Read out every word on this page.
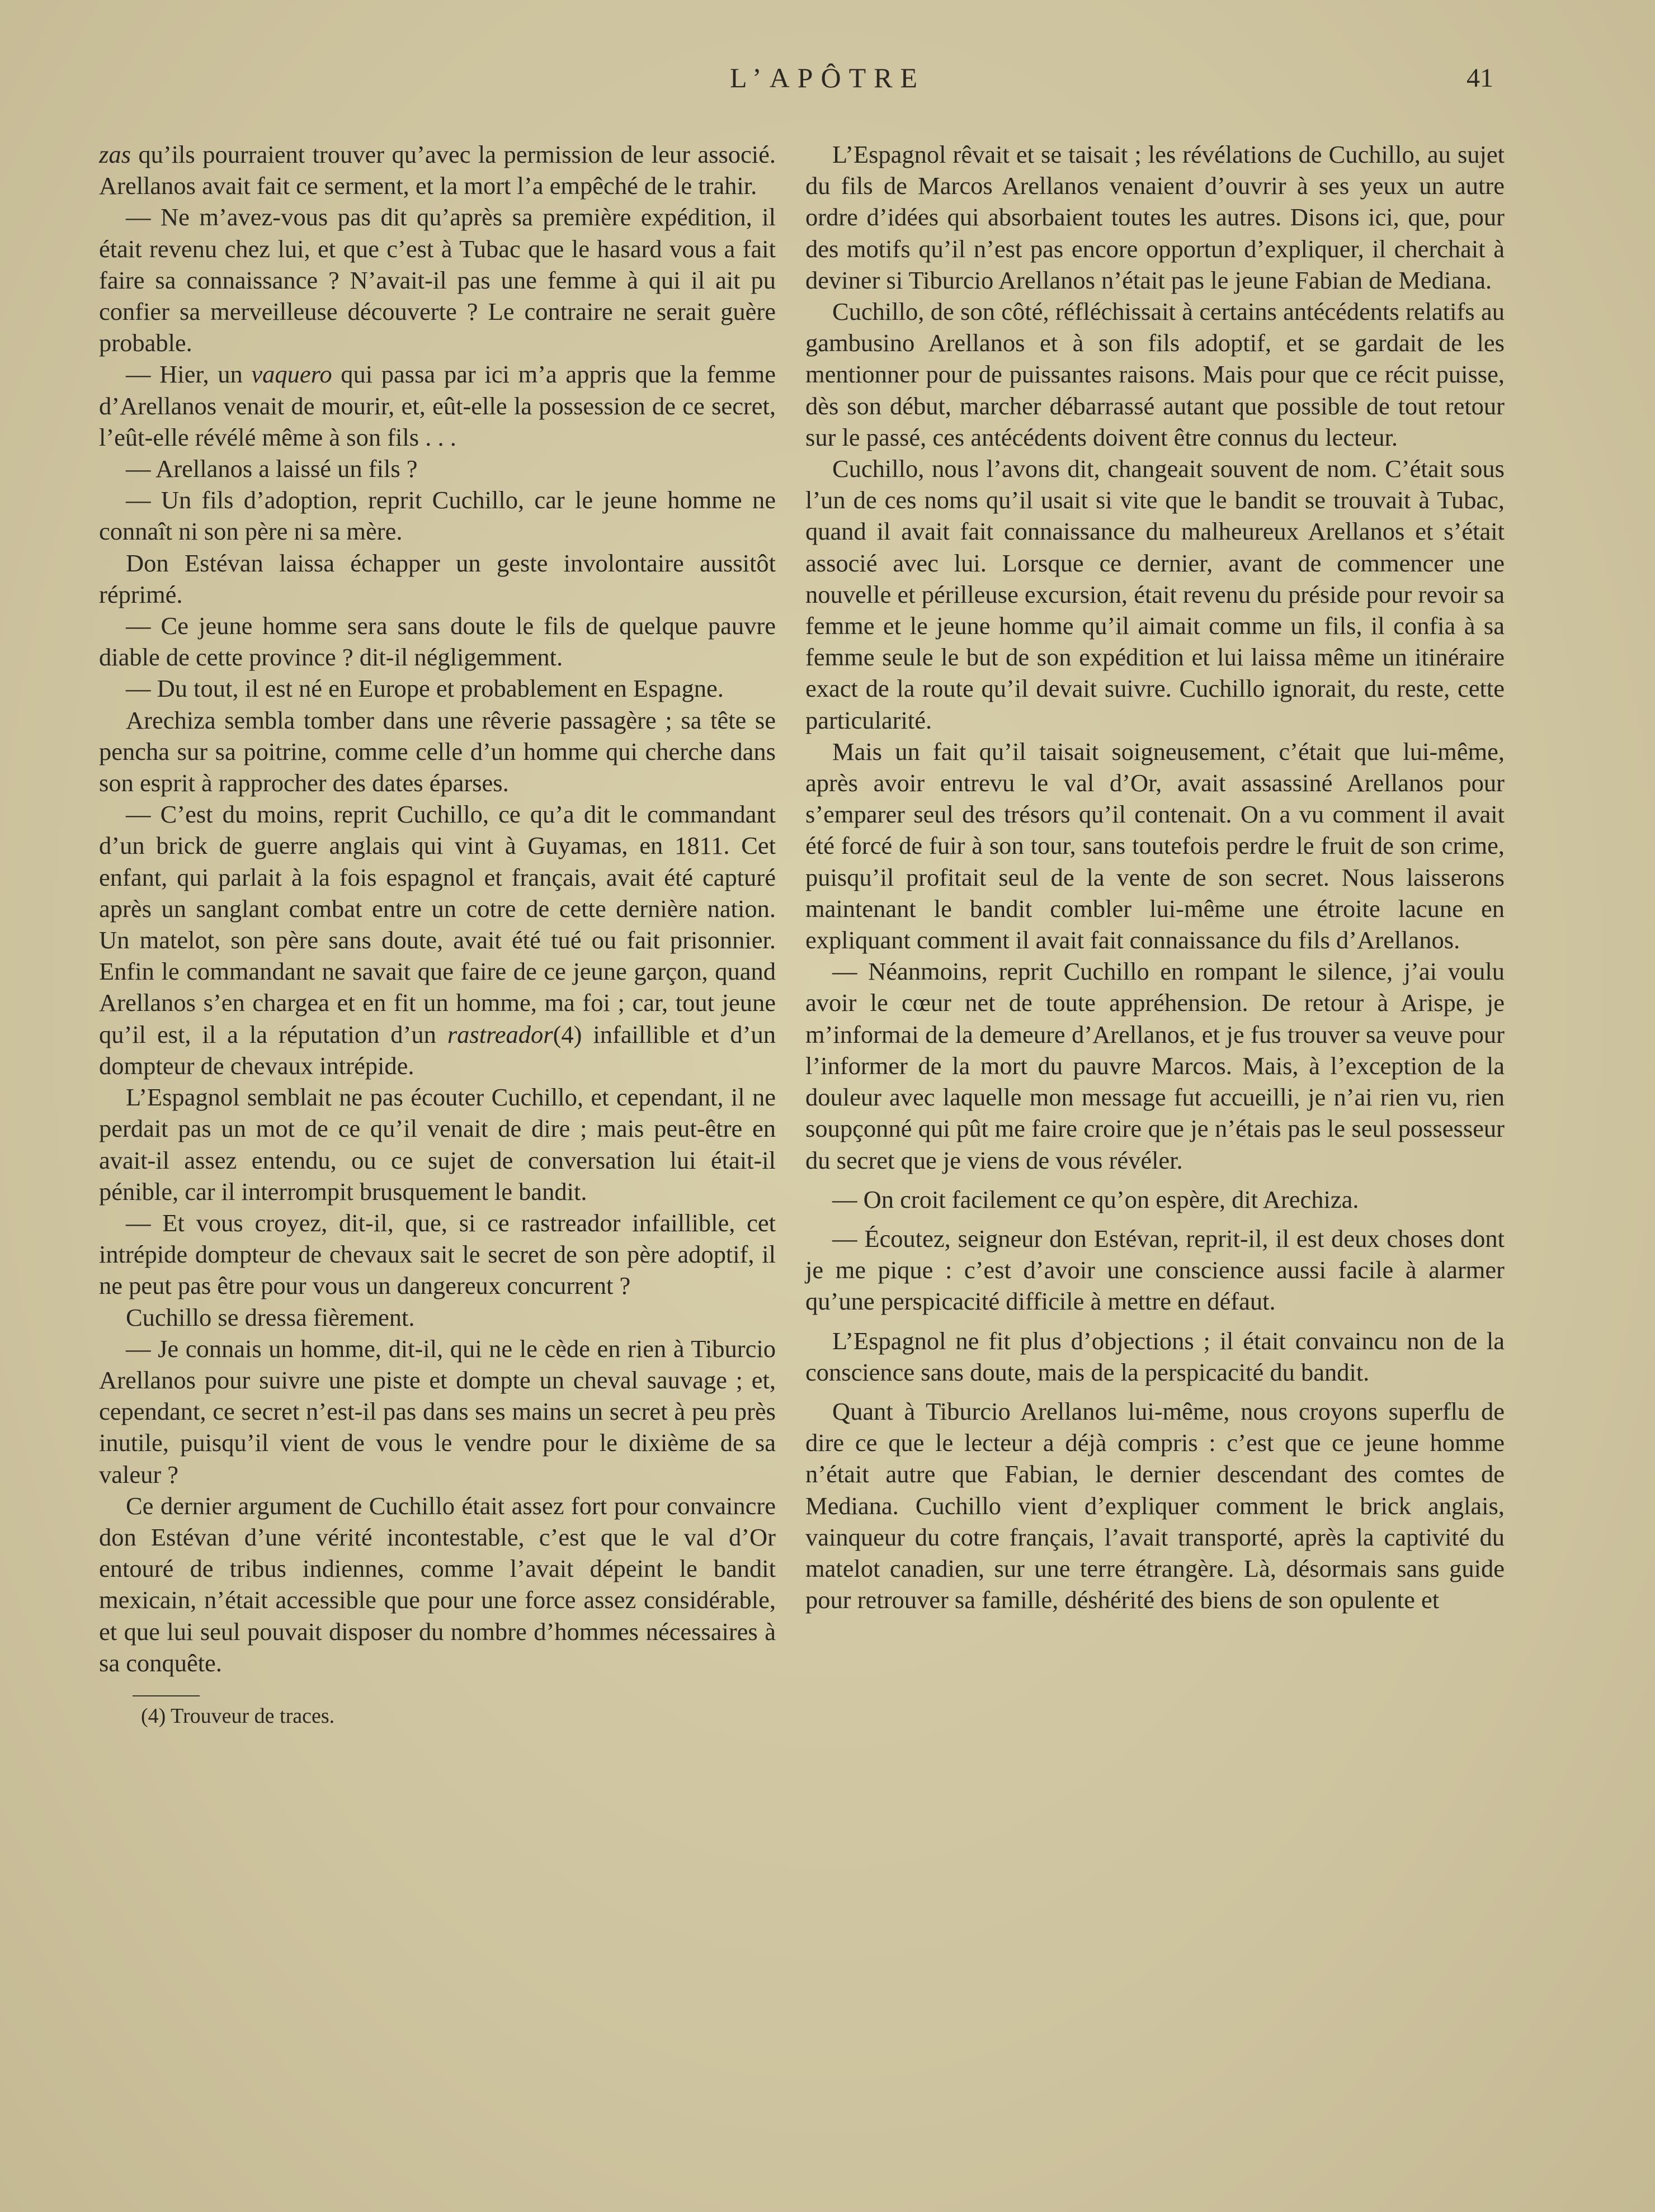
L’APÔTRE	41

zas qu’ils pourraient trouver qu’avec la permission de leur associé. Arellanos avait fait ce serment, et la mort l’a empêché de le trahir.

— Ne m’avez-vous pas dit qu’après sa première expédition, il était revenu chez lui, et que c’est à Tubac que le hasard vous a fait faire sa connaissance ? N’avait-il pas une femme à qui il ait pu confier sa merveilleuse découverte ? Le contraire ne serait guère probable.

— Hier, un vaquero qui passa par ici m’a appris que la femme d’Arellanos venait de mourir, et, eût-elle la possession de ce secret, l’eût-elle révélé même à son fils . . .

— Arellanos a laissé un fils ?

— Un fils d’adoption, reprit Cuchillo, car le jeune homme ne connaît ni son père ni sa mère.

Don Estévan laissa échapper un geste involontaire aussitôt réprimé.

— Ce jeune homme sera sans doute le fils de quelque pauvre diable de cette province ? dit-il négligemment.

— Du tout, il est né en Europe et probablement en Espagne.

Arechiza sembla tomber dans une rêverie passagère ; sa tête se pencha sur sa poitrine, comme celle d’un homme qui cherche dans son esprit à rapprocher des dates éparses.

— C’est du moins, reprit Cuchillo, ce qu’a dit le commandant d’un brick de guerre anglais qui vint à Guyamas, en 1811. Cet enfant, qui parlait à la fois espagnol et français, avait été capturé après un sanglant combat entre un cotre de cette dernière nation. Un matelot, son père sans doute, avait été tué ou fait prisonnier. Enfin le commandant ne savait que faire de ce jeune garçon, quand Arellanos s’en chargea et en fit un homme, ma foi ; car, tout jeune qu’il est, il a la réputation d’un rastreador(4) infaillible et d’un dompteur de chevaux intrépide.

L’Espagnol semblait ne pas écouter Cuchillo, et cependant, il ne perdait pas un mot de ce qu’il venait de dire ; mais peut-être en avait-il assez entendu, ou ce sujet de conversation lui était-il pénible, car il interrompit brusquement le bandit.

— Et vous croyez, dit-il, que, si ce rastreador infaillible, cet intrépide dompteur de chevaux sait le secret de son père adoptif, il ne peut pas être pour vous un dangereux concurrent ?

Cuchillo se dressa fièrement.

— Je connais un homme, dit-il, qui ne le cède en rien à Tiburcio Arellanos pour suivre une piste et dompte un cheval sauvage ; et, cependant, ce secret n’est-il pas dans ses mains un secret à peu près inutile, puisqu’il vient de vous le vendre pour le dixième de sa valeur ?

Ce dernier argument de Cuchillo était assez fort pour convaincre don Estévan d’une vérité incontestable, c’est que le val d’Or entouré de tribus indiennes, comme l’avait dépeint le bandit mexicain, n’était accessible que pour une force assez considérable, et que lui seul pouvait disposer du nombre d’hommes nécessaires à sa conquête.

(4) Trouveur de traces.

L’Espagnol rêvait et se taisait ; les révélations de Cuchillo, au sujet du fils de Marcos Arellanos venaient d’ouvrir à ses yeux un autre ordre d’idées qui absorbaient toutes les autres. Disons ici, que, pour des motifs qu’il n’est pas encore opportun d’expliquer, il cherchait à deviner si Tiburcio Arellanos n’était pas le jeune Fabian de Mediana.

Cuchillo, de son côté, réfléchissait à certains antécédents relatifs au gambusino Arellanos et à son fils adoptif, et se gardait de les mentionner pour de puissantes raisons. Mais pour que ce récit puisse, dès son début, marcher débarrassé autant que possible de tout retour sur le passé, ces antécédents doivent être connus du lecteur.

Cuchillo, nous l’avons dit, changeait souvent de nom. C’était sous l’un de ces noms qu’il usait si vite que le bandit se trouvait à Tubac, quand il avait fait connaissance du malheureux Arellanos et s’était associé avec lui. Lorsque ce dernier, avant de commencer une nouvelle et périlleuse excursion, était revenu du préside pour revoir sa femme et le jeune homme qu’il aimait comme un fils, il confia à sa femme seule le but de son expédition et lui laissa même un itinéraire exact de la route qu’il devait suivre. Cuchillo ignorait, du reste, cette particularité.

Mais un fait qu’il taisait soigneusement, c’était que lui-même, après avoir entrevu le val d’Or, avait assassiné Arellanos pour s’emparer seul des trésors qu’il contenait. On a vu comment il avait été forcé de fuir à son tour, sans toutefois perdre le fruit de son crime, puisqu’il profitait seul de la vente de son secret. Nous laisserons maintenant le bandit combler lui-même une étroite lacune en expliquant comment il avait fait connaissance du fils d’Arellanos.

— Néanmoins, reprit Cuchillo en rompant le silence, j’ai voulu avoir le cœur net de toute appréhension. De retour à Arispe, je m’informai de la demeure d’Arellanos, et je fus trouver sa veuve pour l’informer de la mort du pauvre Marcos. Mais, à l’exception de la douleur avec laquelle mon message fut accueilli, je n’ai rien vu, rien soupçonné qui pût me faire croire que je n’étais pas le seul possesseur du secret que je viens de vous révéler.

— On croit facilement ce qu’on espère, dit Arechiza.

— Écoutez, seigneur don Estévan, reprit-il, il est deux choses dont je me pique : c’est d’avoir une conscience aussi facile à alarmer qu’une perspicacité difficile à mettre en défaut.

L’Espagnol ne fit plus d’objections ; il était convaincu non de la conscience sans doute, mais de la perspicacité du bandit.

Quant à Tiburcio Arellanos lui-même, nous croyons superflu de dire ce que le lecteur a déjà compris : c’est que ce jeune homme n’était autre que Fabian, le dernier descendant des comtes de Mediana. Cuchillo vient d’expliquer comment le brick anglais, vainqueur du cotre français, l’avait transporté, après la captivité du matelot canadien, sur une terre étrangère. Là, désormais sans guide pour retrouver sa famille, déshérité des biens de son opulente et
